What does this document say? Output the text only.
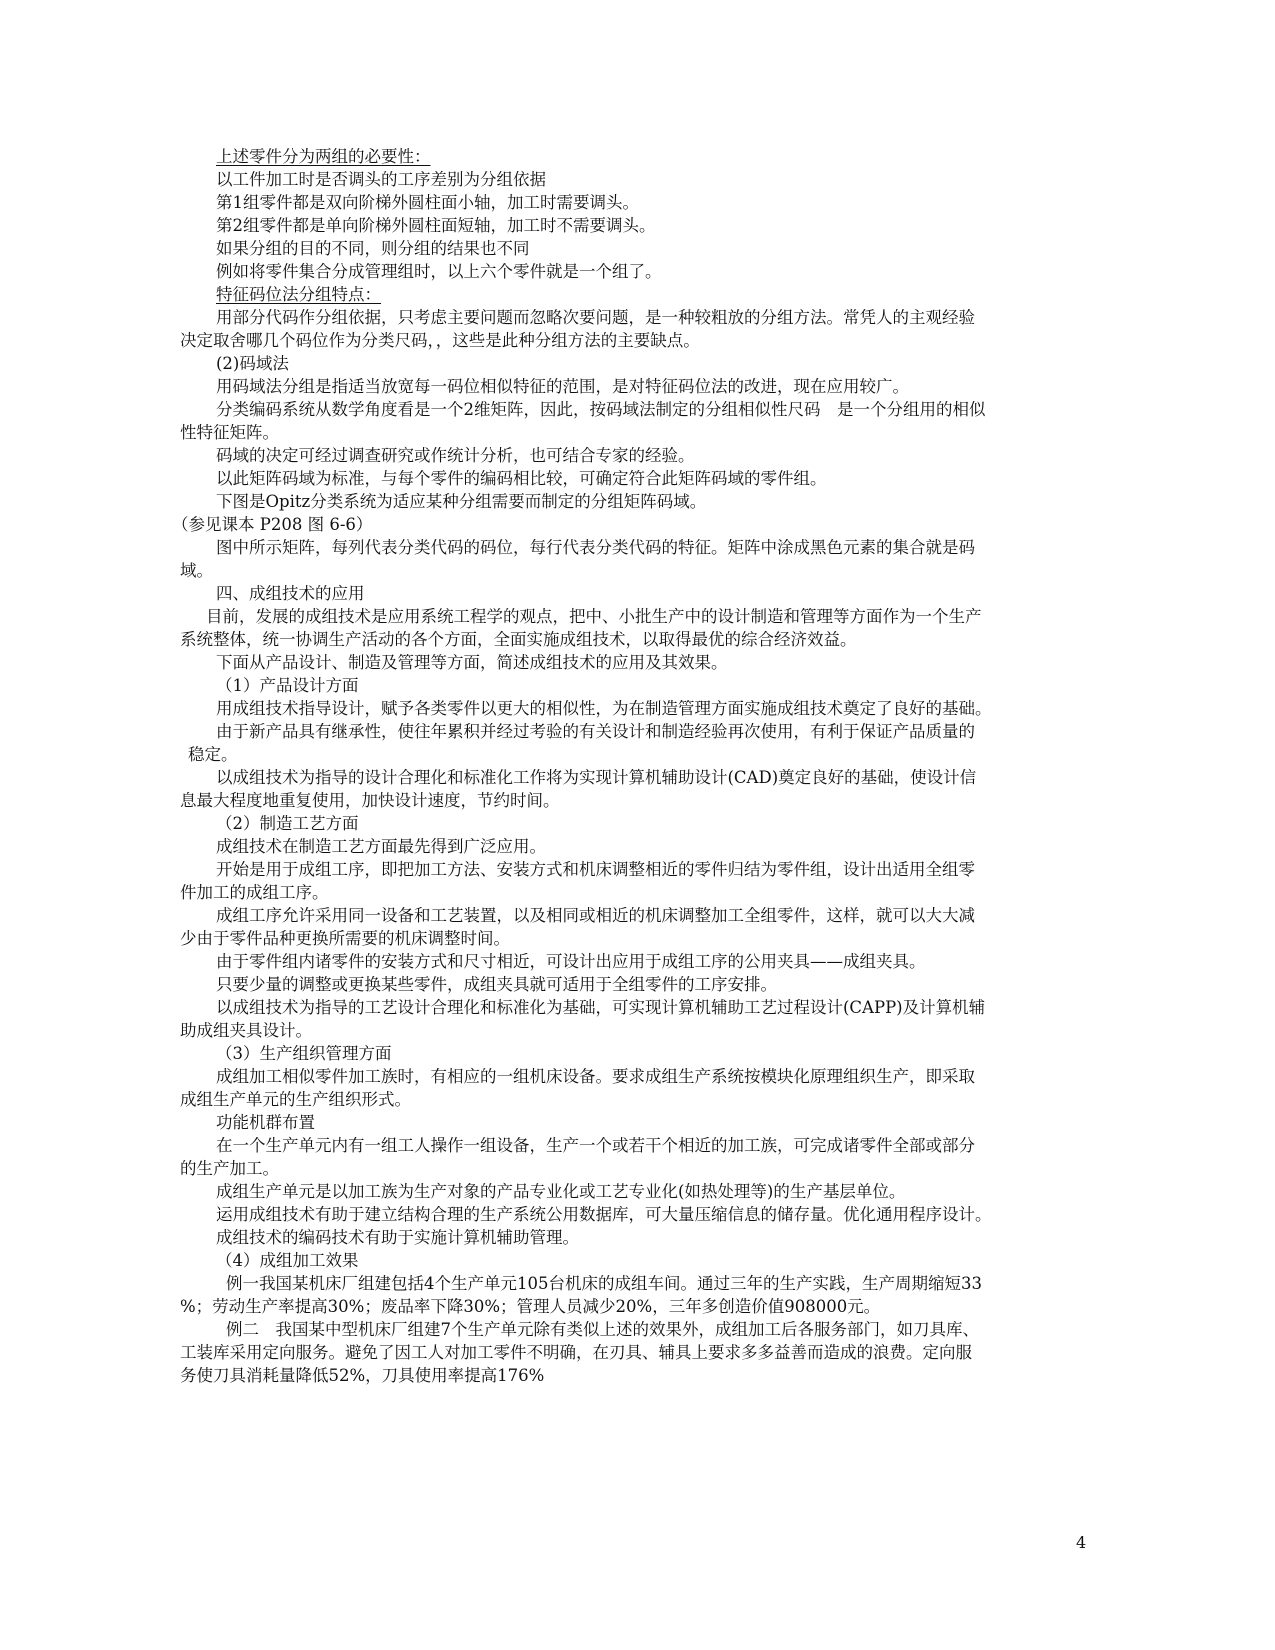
上述零件分为两组的必要性：
以工件加工时是否调头的工序差别为分组依据
第1组零件都是双向阶梯外圆柱面小轴，加工时需要调头。
第2组零件都是单向阶梯外圆柱面短轴，加工时不需要调头。
如果分组的目的不同，则分组的结果也不同
例如将零件集合分成管理组时，以上六个零件就是一个组了。
特征码位法分组特点：
用部分代码作分组依据，只考虑主要问题而忽略次要问题，是一种较粗放的分组方法。常凭人的主观经验
决定取舍哪几个码位作为分类尺码，，这些是此种分组方法的主要缺点。
(2)码域法
用码域法分组是指适当放宽每一码位相似特征的范围，是对特征码位法的改进，现在应用较广。
分类编码系统从数学角度看是一个2维矩阵，因此，按码域法制定的分组相似性尺码　是一个分组用的相似
性特征矩阵。
码域的决定可经过调查研究或作统计分析，也可结合专家的经验。
以此矩阵码域为标准，与每个零件的编码相比较，可确定符合此矩阵码域的零件组。
下图是Opitz分类系统为适应某种分组需要而制定的分组矩阵码域。
（参见课本 P208 图 6-6）
图中所示矩阵，每列代表分类代码的码位，每行代表分类代码的特征。矩阵中涂成黑色元素的集合就是码
域。
四、成组技术的应用
目前，发展的成组技术是应用系统工程学的观点，把中、小批生产中的设计制造和管理等方面作为一个生产
系统整体，统一协调生产活动的各个方面，全面实施成组技术，以取得最优的综合经济效益。
下面从产品设计、制造及管理等方面，简述成组技术的应用及其效果。
（1）产品设计方面
用成组技术指导设计，赋予各类零件以更大的相似性，为在制造管理方面实施成组技术奠定了良好的基础。
由于新产品具有继承性，使往年累积并经过考验的有关设计和制造经验再次使用，有利于保证产品质量的
稳定。
以成组技术为指导的设计合理化和标准化工作将为实现计算机辅助设计(CAD)奠定良好的基础，使设计信
息最大程度地重复使用，加快设计速度，节约时间。
（2）制造工艺方面
成组技术在制造工艺方面最先得到广泛应用。
开始是用于成组工序，即把加工方法、安装方式和机床调整相近的零件归结为零件组，设计出适用全组零
件加工的成组工序。
成组工序允许采用同一设备和工艺装置，以及相同或相近的机床调整加工全组零件，这样，就可以大大减
少由于零件品种更换所需要的机床调整时间。
由于零件组内诸零件的安装方式和尺寸相近，可设计出应用于成组工序的公用夹具——成组夹具。
只要少量的调整或更换某些零件，成组夹具就可适用于全组零件的工序安排。
以成组技术为指导的工艺设计合理化和标准化为基础，可实现计算机辅助工艺过程设计(CAPP)及计算机辅
助成组夹具设计。
（3）生产组织管理方面
成组加工相似零件加工族时，有相应的一组机床设备。要求成组生产系统按模块化原理组织生产，即采取
成组生产单元的生产组织形式。
功能机群布置
在一个生产单元内有一组工人操作一组设备，生产一个或若干个相近的加工族，可完成诸零件全部或部分
的生产加工。
成组生产单元是以加工族为生产对象的产品专业化或工艺专业化(如热处理等)的生产基层单位。
运用成组技术有助于建立结构合理的生产系统公用数据库，可大量压缩信息的储存量。优化通用程序设计。
成组技术的编码技术有助于实施计算机辅助管理。
（4）成组加工效果
例一我国某机床厂组建包括4个生产单元105台机床的成组车间。通过三年的生产实践，生产周期缩短33
%；劳动生产率提高30%；废品率下降30%；管理人员减少20%，三年多创造价值908000元。
例二　我国某中型机床厂组建7个生产单元除有类似上述的效果外，成组加工后各服务部门，如刀具库、
工装库采用定向服务。避免了因工人对加工零件不明确，在刃具、辅具上要求多多益善而造成的浪费。定向服
务使刀具消耗量降低52%，刀具使用率提高176%
4
